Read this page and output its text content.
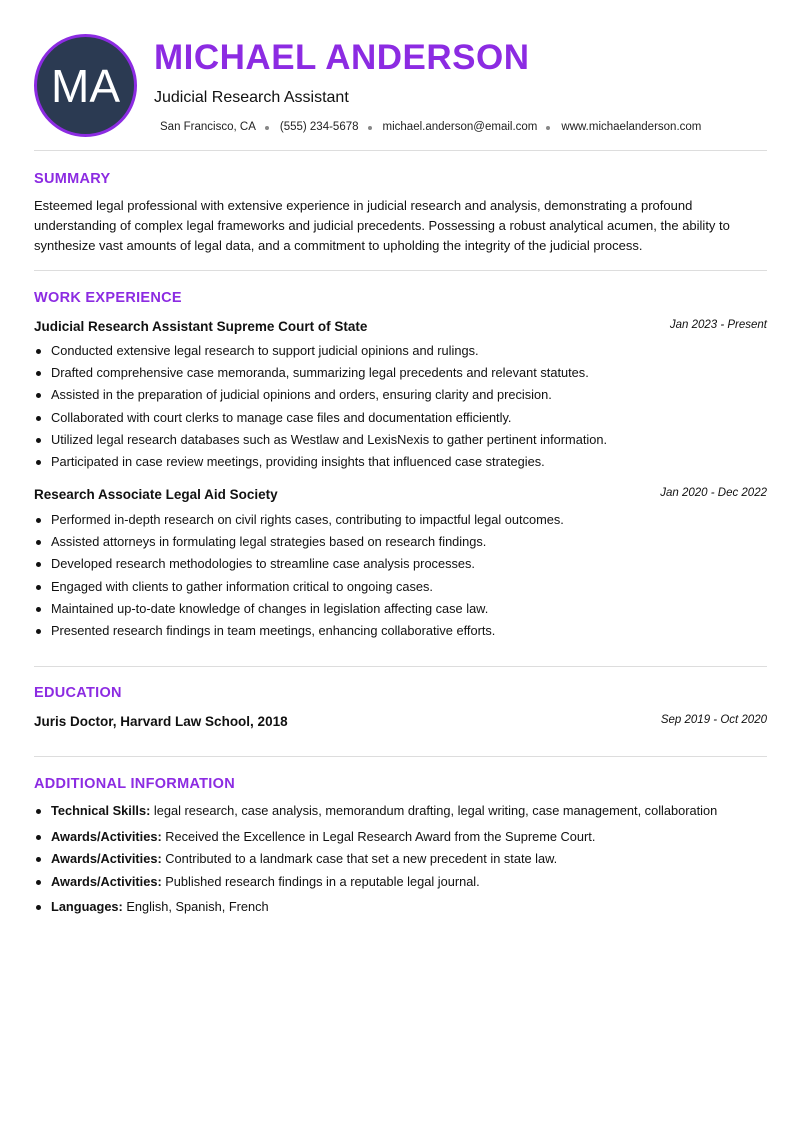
MA
MICHAEL ANDERSON
Judicial Research Assistant
San Francisco, CA (555) 234-5678 michael.anderson@email.com www.michaelanderson.com
SUMMARY
Esteemed legal professional with extensive experience in judicial research and analysis, demonstrating a profound understanding of complex legal frameworks and judicial precedents. Possessing a robust analytical acumen, the ability to synthesize vast amounts of legal data, and a commitment to upholding the integrity of the judicial process.
WORK EXPERIENCE
Judicial Research Assistant Supreme Court of State	Jan 2023 - Present
Conducted extensive legal research to support judicial opinions and rulings.
Drafted comprehensive case memoranda, summarizing legal precedents and relevant statutes.
Assisted in the preparation of judicial opinions and orders, ensuring clarity and precision.
Collaborated with court clerks to manage case files and documentation efficiently.
Utilized legal research databases such as Westlaw and LexisNexis to gather pertinent information.
Participated in case review meetings, providing insights that influenced case strategies.
Research Associate Legal Aid Society	Jan 2020 - Dec 2022
Performed in-depth research on civil rights cases, contributing to impactful legal outcomes.
Assisted attorneys in formulating legal strategies based on research findings.
Developed research methodologies to streamline case analysis processes.
Engaged with clients to gather information critical to ongoing cases.
Maintained up-to-date knowledge of changes in legislation affecting case law.
Presented research findings in team meetings, enhancing collaborative efforts.
EDUCATION
Juris Doctor, Harvard Law School, 2018	Sep 2019 - Oct 2020
ADDITIONAL INFORMATION
Technical Skills: legal research, case analysis, memorandum drafting, legal writing, case management, collaboration
Awards/Activities: Received the Excellence in Legal Research Award from the Supreme Court.
Awards/Activities: Contributed to a landmark case that set a new precedent in state law.
Awards/Activities: Published research findings in a reputable legal journal.
Languages: English, Spanish, French
